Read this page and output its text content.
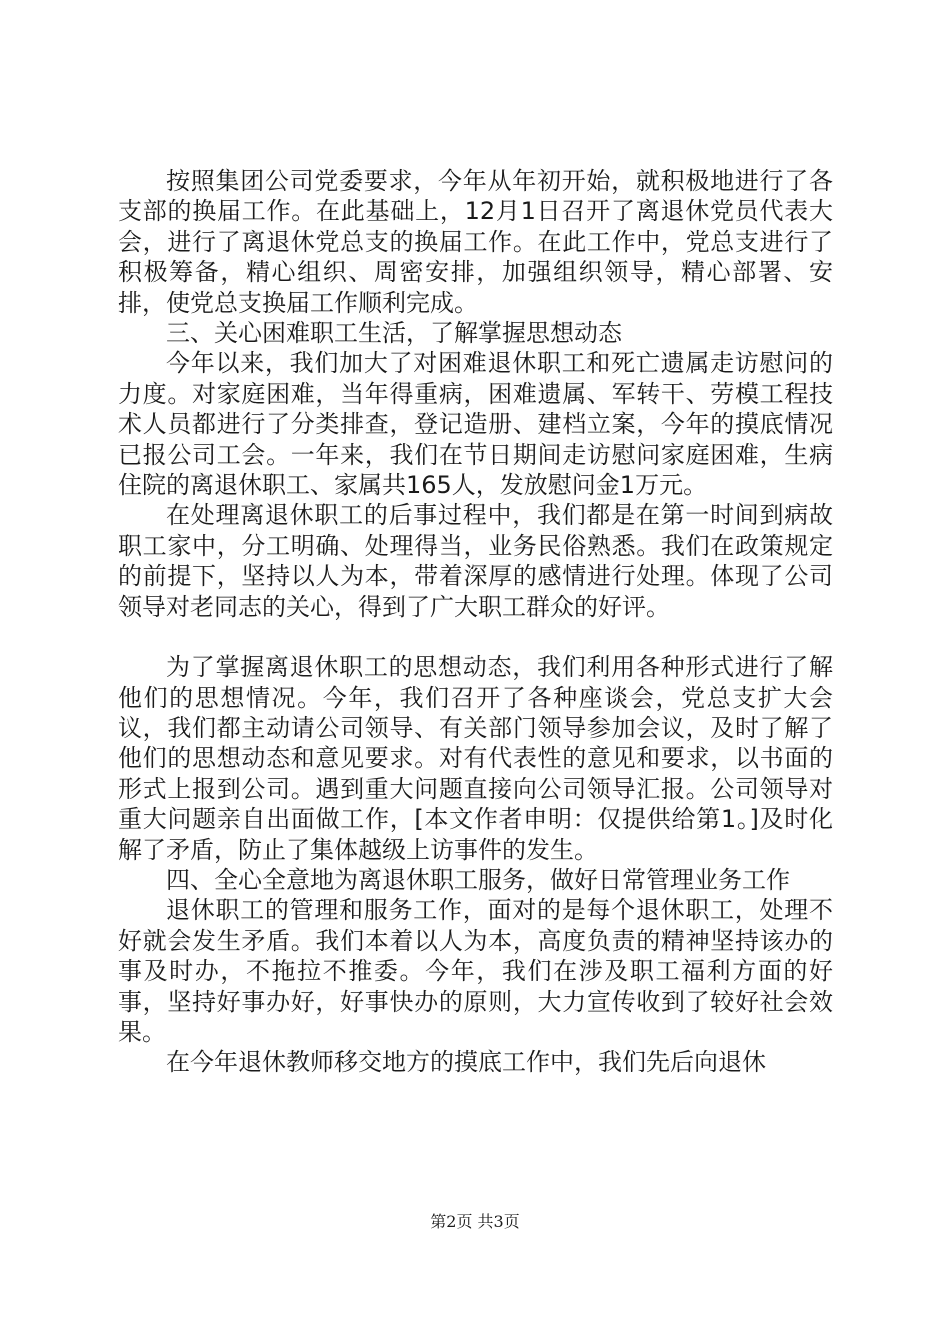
按照集团公司党委要求，今年从年初开始，就积极地进行了各支部的换届工作。在此基础上，12月1日召开了离退休党员代表大会，进行了离退休党总支的换届工作。在此工作中，党总支进行了积极筹备，精心组织、周密安排，加强组织领导，精心部署、安排，使党总支换届工作顺利完成。

三、关心困难职工生活，了解掌握思想动态

今年以来，我们加大了对困难退休职工和死亡遗属走访慰问的力度。对家庭困难，当年得重病，困难遗属、军转干、劳模工程技术人员都进行了分类排查，登记造册、建档立案，今年的摸底情况已报公司工会。一年来，我们在节日期间走访慰问家庭困难，生病住院的离退休职工、家属共165人，发放慰问金1万元。

在处理离退休职工的后事过程中，我们都是在第一时间到病故职工家中，分工明确、处理得当，业务民俗熟悉。我们在政策规定的前提下，坚持以人为本，带着深厚的感情进行处理。体现了公司领导对老同志的关心，得到了广大职工群众的好评。

为了掌握离退休职工的思想动态，我们利用各种形式进行了解他们的思想情况。今年，我们召开了各种座谈会，党总支扩大会议，我们都主动请公司领导、有关部门领导参加会议，及时了解了他们的思想动态和意见要求。对有代表性的意见和要求，以书面的形式上报到公司。遇到重大问题直接向公司领导汇报。公司领导对重大问题亲自出面做工作，[本文作者申明：仅提供给第1。]及时化解了矛盾，防止了集体越级上访事件的发生。

四、全心全意地为离退休职工服务，做好日常管理业务工作

退休职工的管理和服务工作，面对的是每个退休职工，处理不好就会发生矛盾。我们本着以人为本，高度负责的精神坚持该办的事及时办，不拖拉不推委。今年，我们在涉及职工福利方面的好事，坚持好事办好，好事快办的原则，大力宣传收到了较好社会效果。

在今年退休教师移交地方的摸底工作中，我们先后向退休

第2页 共3页
